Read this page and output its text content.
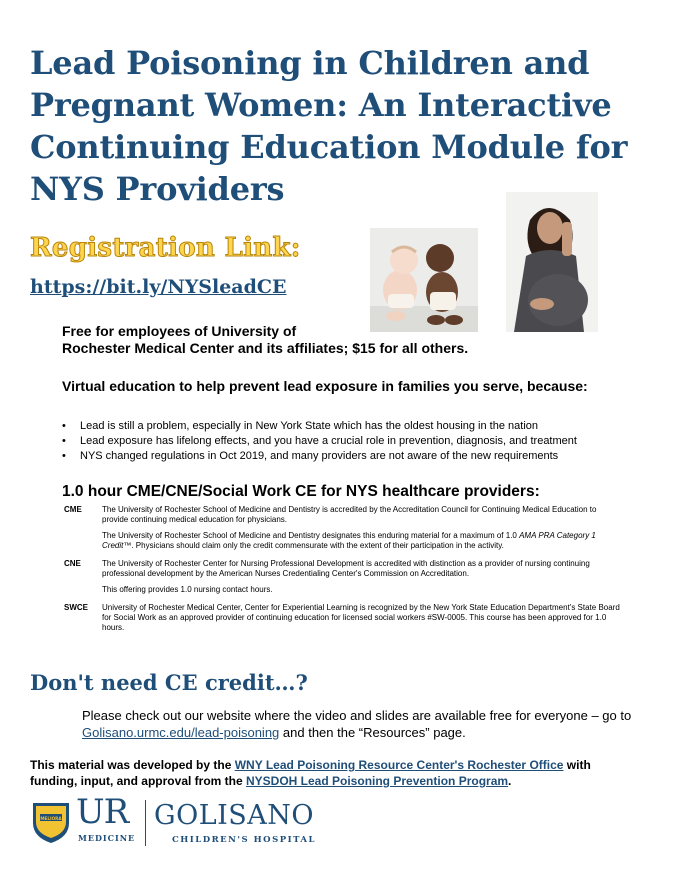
Lead Poisoning in Children and Pregnant Women: An Interactive Continuing Education Module for NYS Providers
Registration Link:
https://bit.ly/NYSleadCE
Free for employees of University of
Rochester Medical Center and its affiliates; $15 for all others.
Virtual education to help prevent lead exposure in families you serve, because:
• Lead is still a problem, especially in New York State which has the oldest housing in the nation
• Lead exposure has lifelong effects, and you have a crucial role in prevention, diagnosis, and treatment
• NYS changed regulations in Oct 2019, and many providers are not aware of the new requirements
1.0 hour CME/CNE/Social Work CE for NYS healthcare providers:
CME	The University of Rochester School of Medicine and Dentistry is accredited by the Accreditation Council for Continuing Medical Education to provide continuing medical education for physicians.

The University of Rochester School of Medicine and Dentistry designates this enduring material for a maximum of 1.0 AMA PRA Category 1 Credit™. Physicians should claim only the credit commensurate with the extent of their participation in the activity.

CNE	The University of Rochester Center for Nursing Professional Development is accredited with distinction as a provider of nursing continuing professional development by the American Nurses Credentialing Center's Commission on Accreditation.

This offering provides 1.0 nursing contact hours.

SWCE	University of Rochester Medical Center, Center for Experiential Learning is recognized by the New York State Education Department's State Board for Social Work as an approved provider of continuing education for licensed social workers #SW-0005. This course has been approved for 1.0 hours.

Don't need CE credit…?
Please check out our website where the video and slides are available free for everyone – go to Golisano.urmc.edu/lead-poisoning and then the “Resources” page.
This material was developed by the WNY Lead Poisoning Resource Center's Rochester Office with funding, input, and approval from the NYSDOH Lead Poisoning Prevention Program.
MELIORA UR
MEDICINE
GOLISANO
CHILDREN'S HOSPITAL
